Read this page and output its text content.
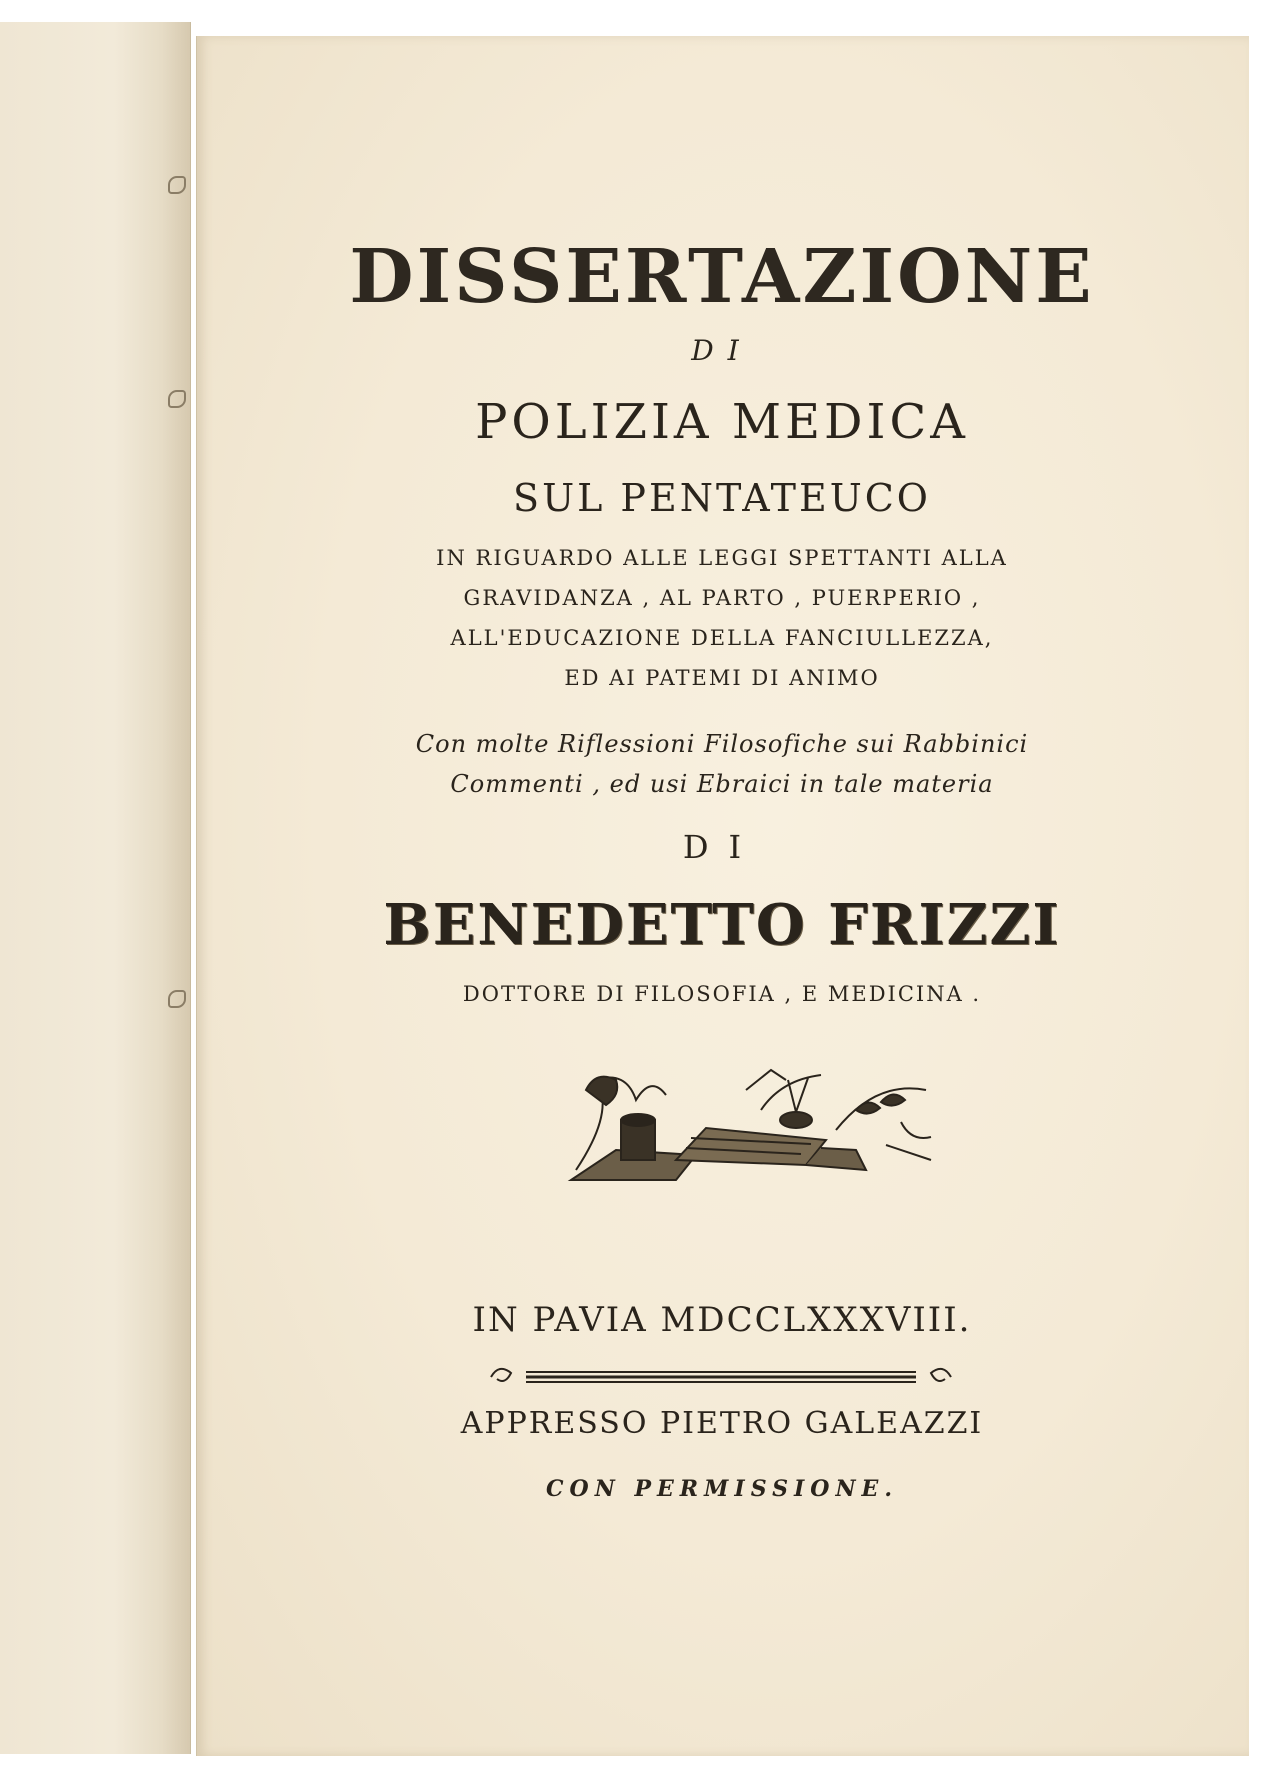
DISSERTAZIONE
DI
POLIZIA MEDICA
SUL PENTATEUCO
IN RIGUARDO ALLE LEGGI SPETTANTI ALLA
GRAVIDANZA , AL PARTO , PUERPERIO ,
ALL'EDUCAZIONE DELLA FANCIULLEZZA,
ED AI PATEMI DI ANIMO
Con molte Riflessioni Filosofiche sui Rabbinici
Commenti , ed usi Ebraici in tale materia
DI
BENEDETTO FRIZZI
DOTTORE DI FILOSOFIA , E MEDICINA .
IN PAVIA MDCCLXXXVIII.
APPRESSO PIETRO GALEAZZI
CON PERMISSIONE.
